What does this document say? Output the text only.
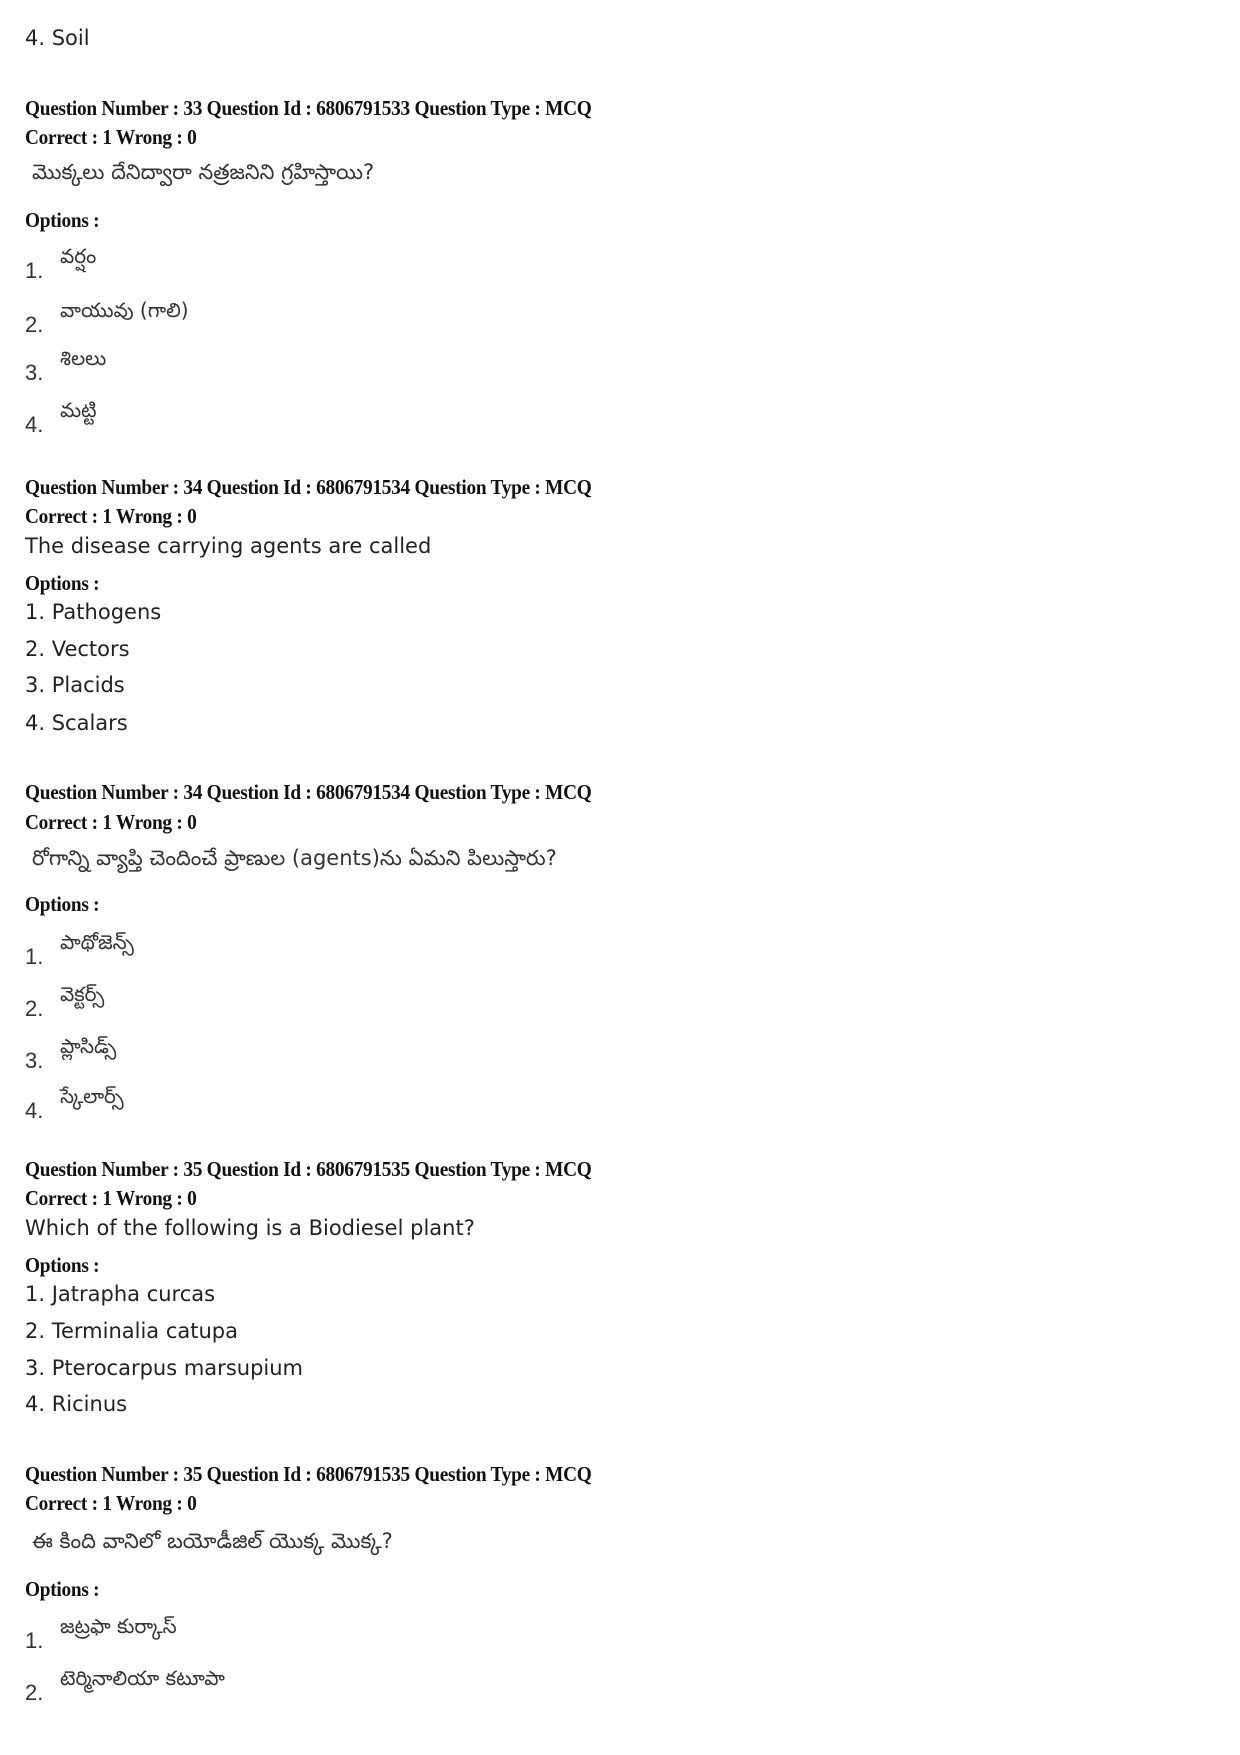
4. Soil
Question Number : 33 Question Id : 6806791533 Question Type : MCQ
Correct : 1 Wrong : 0
మొక్కలు దేనిద్వారా నత్రజనిని గ్రహిస్తాయి?
Options :
1.
వర్షం
2.
వాయువు (గాలి)
3.
శిలలు
4.
మట్టి
Question Number : 34 Question Id : 6806791534 Question Type : MCQ
Correct : 1 Wrong : 0
The disease carrying agents are called
Options :
1. Pathogens
2. Vectors
3. Placids
4. Scalars
Question Number : 34 Question Id : 6806791534 Question Type : MCQ
Correct : 1 Wrong : 0
రోగాన్ని వ్యాప్తి చెందించే ప్రాణుల (agents)ను ఏమని పిలుస్తారు?
Options :
1.
పాథోజెన్స్
2.
వెక్టర్స్
3.
ప్లాసిడ్స్
4.
స్కేలార్స్
Question Number : 35 Question Id : 6806791535 Question Type : MCQ
Correct : 1 Wrong : 0
Which of the following is a Biodiesel plant?
Options :
1. Jatrapha curcas
2. Terminalia catupa
3. Pterocarpus marsupium
4. Ricinus
Question Number : 35 Question Id : 6806791535 Question Type : MCQ
Correct : 1 Wrong : 0
ఈ కింది వానిలో బయోడీజిల్ యొక్క మొక్క?
Options :
1.
జట్రఫా కుర్కాస్
2.
టెర్మినాలియా కటూపా
